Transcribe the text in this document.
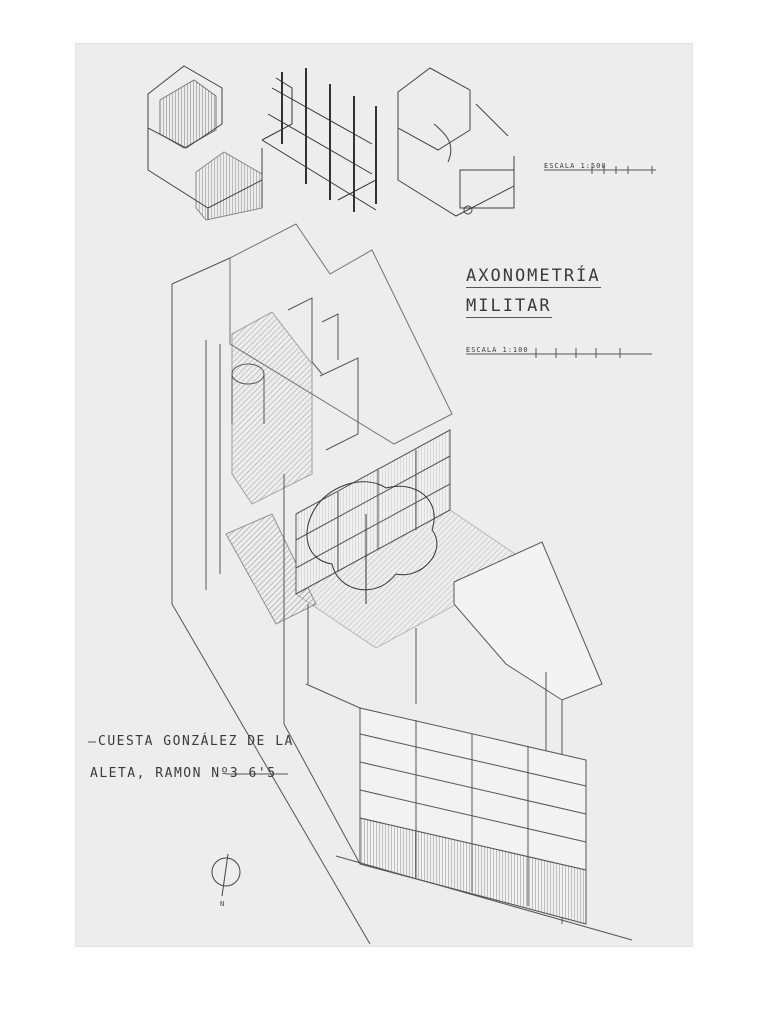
N
AXONOMETRÍA
MILITAR
ESCALA 1:500
ESCALA 1:100
CUESTA GONZÁLEZ DE LA
ALETA, RAMON Nº3 6'5
